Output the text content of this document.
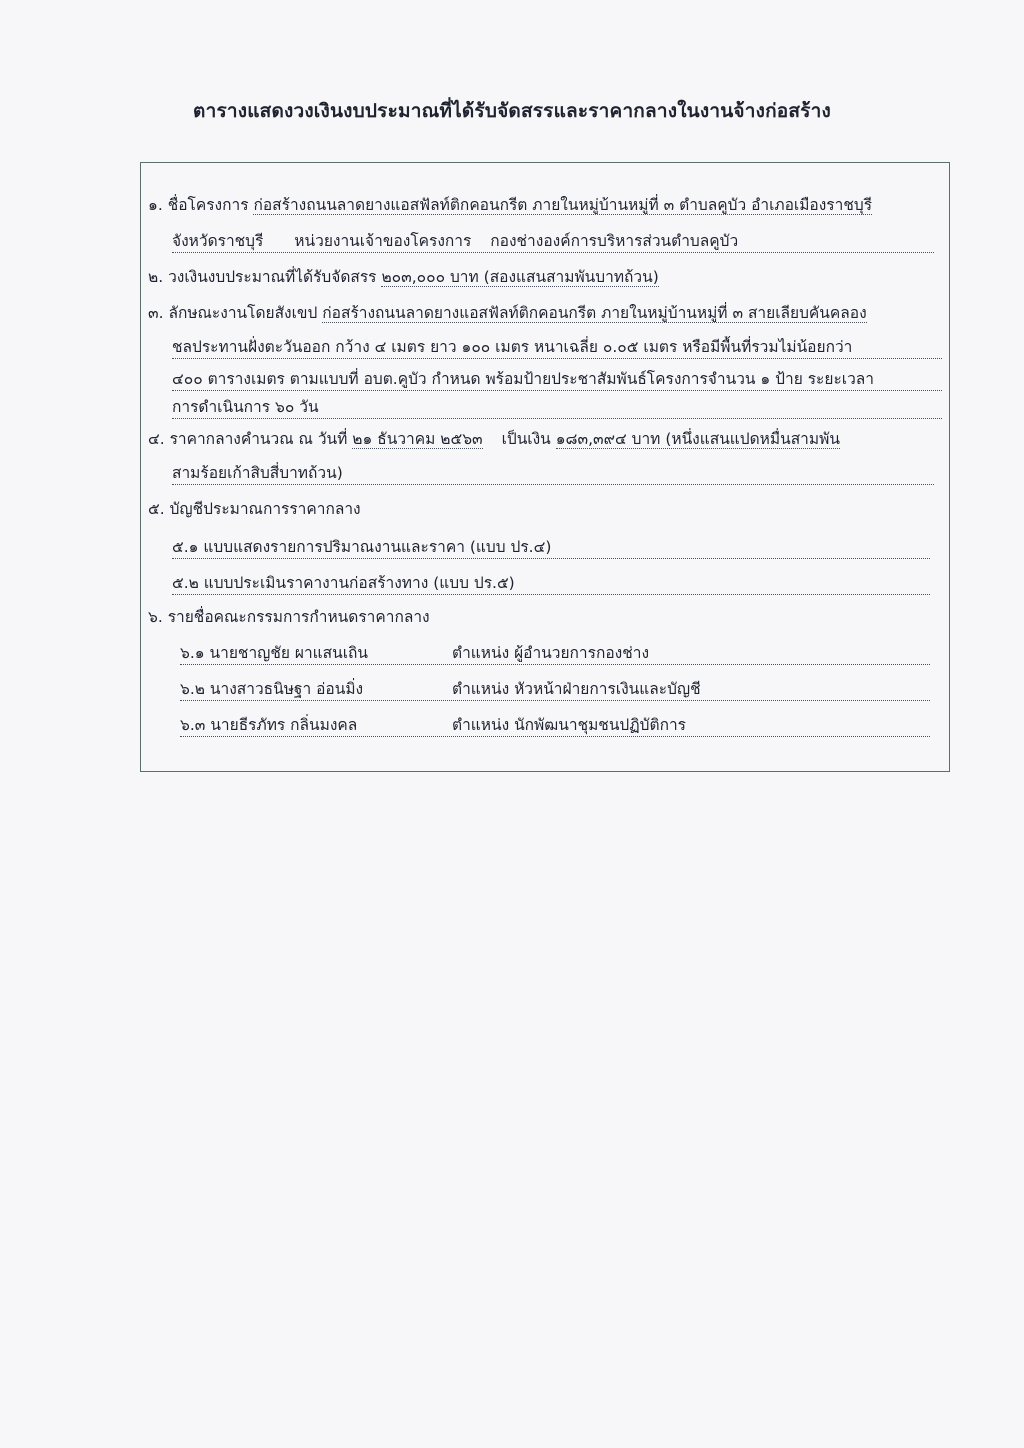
ตารางแสดงวงเงินงบประมาณที่ได้รับจัดสรรและราคากลางในงานจ้างก่อสร้าง
๑. ชื่อโครงการ ก่อสร้างถนนลาดยางแอสฟัลท์ติกคอนกรีต ภายในหมู่บ้านหมู่ที่ ๓ ตำบลคูบัว อำเภอเมืองราชบุรี
จังหวัดราชบุรี หน่วยงานเจ้าของโครงการ กองช่างองค์การบริหารส่วนตำบลคูบัว
๒. วงเงินงบประมาณที่ได้รับจัดสรร ๒๐๓,๐๐๐ บาท (สองแสนสามพันบาทถ้วน)
๓. ลักษณะงานโดยสังเขป ก่อสร้างถนนลาดยางแอสฟัลท์ติกคอนกรีต ภายในหมู่บ้านหมู่ที่ ๓ สายเลียบคันคลอง
ชลประทานฝั่งตะวันออก กว้าง ๔ เมตร ยาว ๑๐๐ เมตร หนาเฉลี่ย ๐.๐๕ เมตร หรือมีพื้นที่รวมไม่น้อยกว่า
๔๐๐ ตารางเมตร ตามแบบที่ อบต.คูบัว กำหนด พร้อมป้ายประชาสัมพันธ์โครงการจำนวน ๑ ป้าย ระยะเวลา
การดำเนินการ ๖๐ วัน
๔. ราคากลางคำนวณ ณ วันที่ ๒๑ ธันวาคม ๒๕๖๓ เป็นเงิน ๑๘๓,๓๙๔ บาท (หนึ่งแสนแปดหมื่นสามพัน
สามร้อยเก้าสิบสี่บาทถ้วน)
๕. บัญชีประมาณการราคากลาง
๕.๑ แบบแสดงรายการปริมาณงานและราคา (แบบ ปร.๔)
๕.๒ แบบประเมินราคางานก่อสร้างทาง (แบบ ปร.๕)
๖. รายชื่อคณะกรรมการกำหนดราคากลาง
๖.๑ นายชาญชัย ผาแสนเถิน	ตำแหน่ง ผู้อำนวยการกองช่าง
๖.๒ นางสาวธนิษฐา อ่อนมิ่ง	ตำแหน่ง หัวหน้าฝ่ายการเงินและบัญชี
๖.๓ นายธีรภัทร กลิ่นมงคล	ตำแหน่ง นักพัฒนาชุมชนปฏิบัติการ
